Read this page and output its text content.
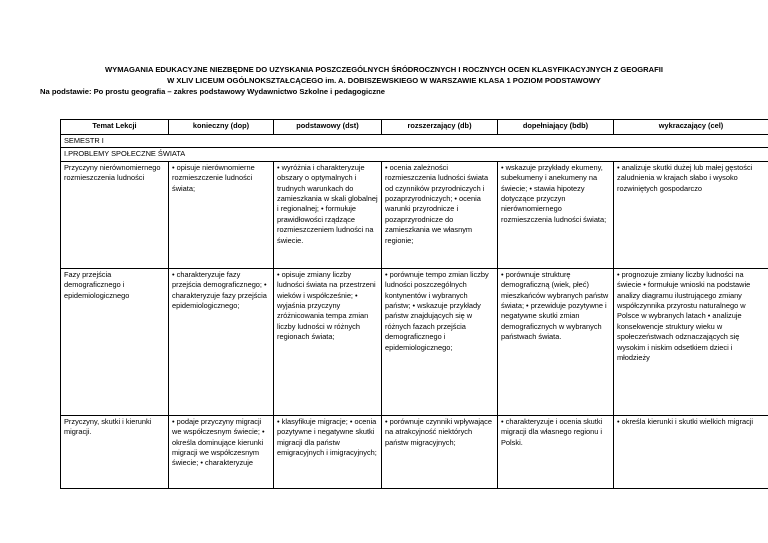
WYMAGANIA EDUKACYJNE NIEZBĘDNE DO UZYSKANIA POSZCZEGÓLNYCH ŚRÓDROCZNYCH I ROCZNYCH OCEN KLASYFIKACYJNYCH Z GEOGRAFII
W XLIV LICEUM OGÓLNOKSZTAŁCĄCEGO im. A. DOBISZEWSKIEGO W WARSZAWIE KLASA 1 POZIOM PODSTAWOWY
Na podstawie: Po prostu geografia – zakres podstawowy Wydawnictwo Szkolne i pedagogiczne
Temat Lekcji	konieczny (dop)	podstawowy (dst)	rozszerzający (db)	dopełniający (bdb)	wykraczający (cel)
SEMESTR I					
I.PROBLEMY SPOŁECZNE ŚWIATA					
Przyczyny nierównomiernego rozmieszczenia ludności	• opisuje nierównomierne rozmieszczenie ludności świata;	• wyróżnia i charakteryzuje obszary o optymalnych i trudnych warunkach do zamieszkania w skali globalnej i regionalnej; • formułuje prawidłowości rządzące rozmieszczeniem ludności na świecie.	• ocenia zależności rozmieszczenia ludności świata od czynników przyrodniczych i pozaprzyrodniczych; • ocenia warunki przyrodnicze i pozaprzyrodnicze do zamieszkania we własnym regionie;	• wskazuje przykłady ekumeny, subekumeny i anekumeny na świecie; • stawia hipotezy dotyczące przyczyn nierównomiernego rozmieszczenia ludności świata;	• analizuje skutki dużej lub małej gęstości zaludnienia w krajach słabo i wysoko rozwiniętych gospodarczo
Fazy przejścia demograficznego i epidemiologicznego	• charakteryzuje fazy przejścia demograficznego; • charakteryzuje fazy przejścia epidemiologicznego;	• opisuje zmiany liczby ludności świata na przestrzeni wieków i współcześnie; • wyjaśnia przyczyny zróżnicowania tempa zmian liczby ludności w różnych regionach świata;	• porównuje tempo zmian liczby ludności poszczególnych kontynentów i wybranych państw; • wskazuje przykłady państw znajdujących się w różnych fazach przejścia demograficznego i epidemiologicznego;	• porównuje strukturę demograficzną (wiek, płeć) mieszkańców wybranych państw świata; • przewiduje pozytywne i negatywne skutki zmian demograficznych w wybranych państwach świata.	• prognozuje zmiany liczby ludności na świecie • formułuje wnioski na podstawie analizy diagramu ilustrującego zmiany współczynnika przyrostu naturalnego w Polsce w wybranych latach • analizuje konsekwencje struktury wieku w społeczeństwach odznaczających się wysokim i niskim odsetkiem dzieci i młodzieży
Przyczyny, skutki i kierunki migracji.	• podaje przyczyny migracji we współczesnym świecie; • określa dominujące kierunki migracji we współczesnym świecie; • charakteryzuje	• klasyfikuje migracje; • ocenia pozytywne i negatywne skutki migracji dla państw emigracyjnych i imigracyjnych;	• porównuje czynniki wpływające na atrakcyjność niektórych państw migracyjnych;	• charakteryzuje i ocenia skutki migracji dla własnego regionu i Polski.	• określa kierunki i skutki wielkich migracji
